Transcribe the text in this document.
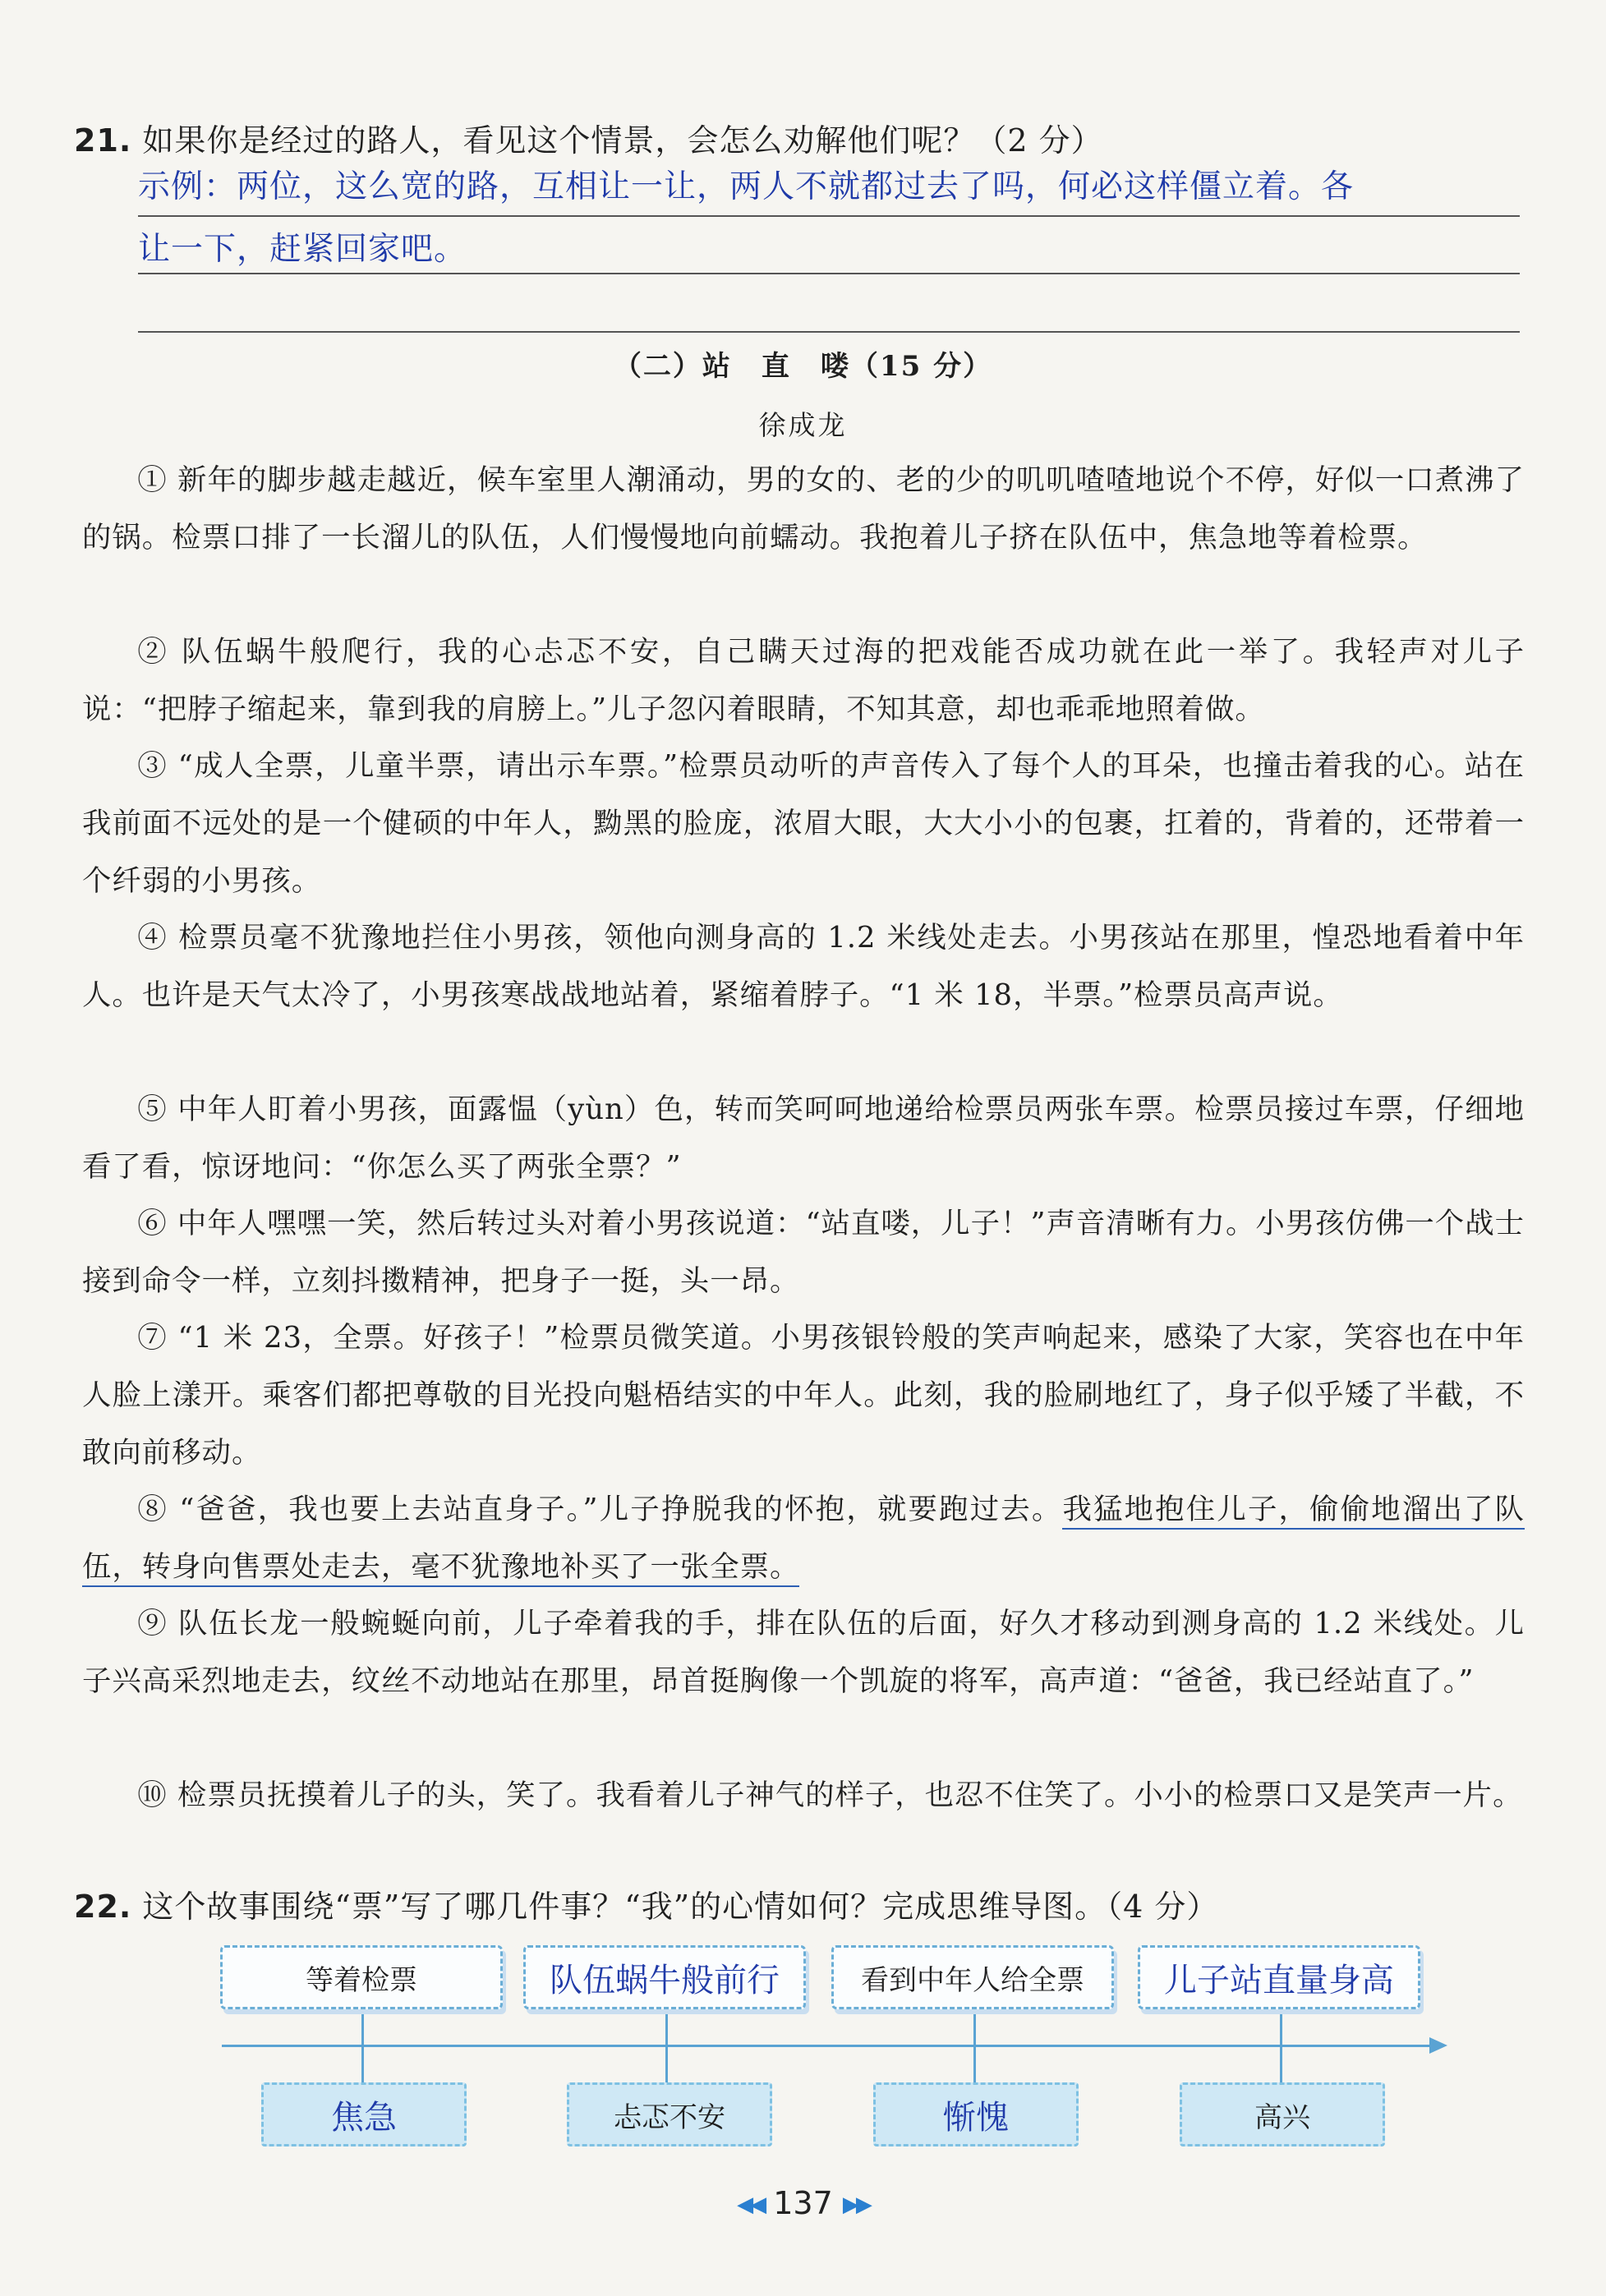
21. 如果你是经过的路人，看见这个情景，会怎么劝解他们呢？（2 分）
示例：两位，这么宽的路，互相让一让，两人不就都过去了吗，何必这样僵立着。各
让一下，赶紧回家吧。
（二）站　直　喽（15 分）
徐成龙
① 新年的脚步越走越近，候车室里人潮涌动，男的女的、老的少的叽叽喳喳地说个不停，好似一口煮沸了的锅。检票口排了一长溜儿的队伍，人们慢慢地向前蠕动。我抱着儿子挤在队伍中，焦急地等着检票。
② 队伍蜗牛般爬行，我的心忐忑不安，自己瞒天过海的把戏能否成功就在此一举了。我轻声对儿子说：“把脖子缩起来，靠到我的肩膀上。”儿子忽闪着眼睛，不知其意，却也乖乖地照着做。
③ “成人全票，儿童半票，请出示车票。”检票员动听的声音传入了每个人的耳朵，也撞击着我的心。站在我前面不远处的是一个健硕的中年人，黝黑的脸庞，浓眉大眼，大大小小的包裹，扛着的，背着的，还带着一个纤弱的小男孩。
④ 检票员毫不犹豫地拦住小男孩，领他向测身高的 1.2 米线处走去。小男孩站在那里，惶恐地看着中年人。也许是天气太冷了，小男孩寒战战地站着，紧缩着脖子。“1 米 18，半票。”检票员高声说。
⑤ 中年人盯着小男孩，面露愠（yùn）色，转而笑呵呵地递给检票员两张车票。检票员接过车票，仔细地看了看，惊讶地问：“你怎么买了两张全票？”
⑥ 中年人嘿嘿一笑，然后转过头对着小男孩说道：“站直喽，儿子！”声音清晰有力。小男孩仿佛一个战士接到命令一样，立刻抖擞精神，把身子一挺，头一昂。
⑦ “1 米 23，全票。好孩子！”检票员微笑道。小男孩银铃般的笑声响起来，感染了大家，笑容也在中年人脸上漾开。乘客们都把尊敬的目光投向魁梧结实的中年人。此刻，我的脸刷地红了，身子似乎矮了半截，不敢向前移动。
⑧ “爸爸，我也要上去站直身子。”儿子挣脱我的怀抱，就要跑过去。我猛地抱住儿子，偷偷地溜出了队伍，转身向售票处走去，毫不犹豫地补买了一张全票。
⑨ 队伍长龙一般蜿蜒向前，儿子牵着我的手，排在队伍的后面，好久才移动到测身高的 1.2 米线处。儿子兴高采烈地走去，纹丝不动地站在那里，昂首挺胸像一个凯旋的将军，高声道：“爸爸，我已经站直了。”
⑩ 检票员抚摸着儿子的头，笑了。我看着儿子神气的样子，也忍不住笑了。小小的检票口又是笑声一片。
22. 这个故事围绕“票”写了哪几件事？“我”的心情如何？完成思维导图。（4 分）
等着检票	队伍蜗牛般前行	看到中年人给全票	儿子站直量身高
焦急	忐忑不安	惭愧	高兴
◀◀ 137 ▶▶
